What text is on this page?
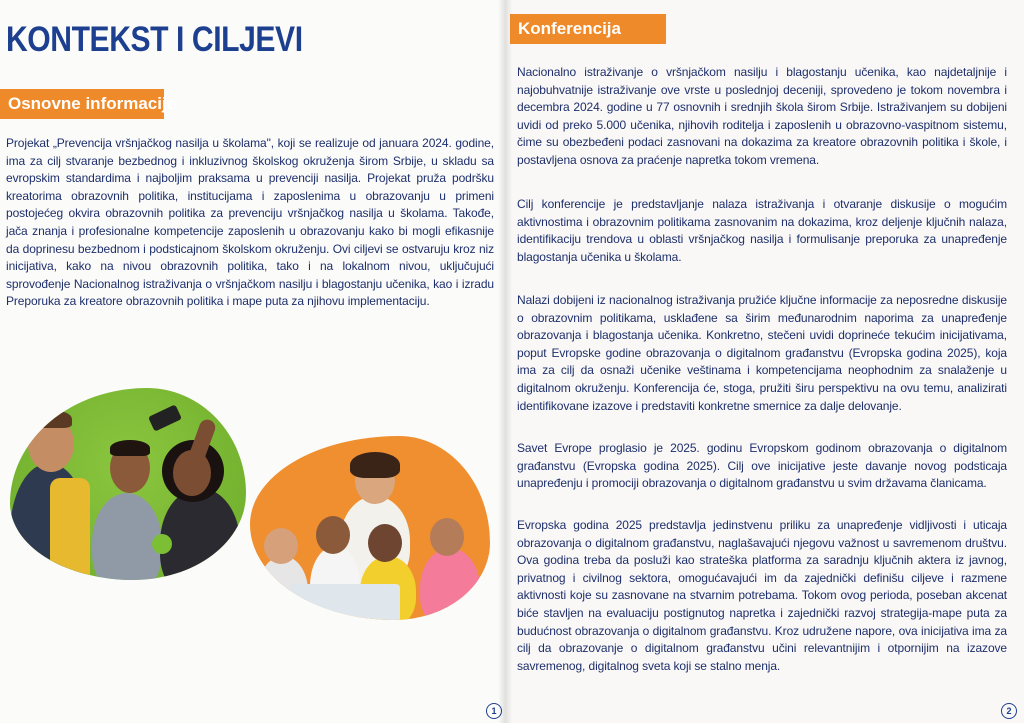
KONTEKST I CILJEVI
Osnovne informacije
Projekat „Prevencija vršnjačkog nasilja u školama", koji se realizuje od januara 2024. godine, ima za cilj stvaranje bezbednog i inkluzivnog školskog okruženja širom Srbije, u skladu sa evropskim standardima i najboljim praksama u prevenciji nasilja. Projekat pruža podršku kreatorima obrazovnih politika, institucijama i zaposlenima u obrazovanju u primeni postojećeg okvira obrazovnih politika za prevenciju vršnjačkog nasilja u školama. Takođe, jača znanja i profesionalne kompetencije zaposlenih u obrazovanju kako bi mogli efikasnije da doprinesu bezbednom i podsticajnom školskom okruženju. Ovi ciljevi se ostvaruju kroz niz inicijativa, kako na nivou obrazovnih politika, tako i na lokalnom nivou, uključujući sprovođenje Nacionalnog istraživanja o vršnjačkom nasilju i blagostanju učenika, kao i izradu Preporuka za kreatore obrazovnih politika i mape puta za njihovu implementaciju.
1
Konferencija
Nacionalno istraživanje o vršnjačkom nasilju i blagostanju učenika, kao najdetaljnije i najobuhvatnije istraživanje ove vrste u poslednjoj deceniji, sprovedeno je tokom novembra i decembra 2024. godine u 77 osnovnih i srednjih škola širom Srbije. Istraživanjem su dobijeni uvidi od preko 5.000 učenika, njihovih roditelja i zaposlenih u obrazovno-vaspitnom sistemu, čime su obezbeđeni podaci zasnovani na dokazima za kreatore obrazovnih politika i škole, i postavljena osnova za praćenje napretka tokom vremena.
Cilj konferencije je predstavljanje nalaza istraživanja i otvaranje diskusije o mogućim aktivnostima i obrazovnim politikama zasnovanim na dokazima, kroz deljenje ključnih nalaza, identifikaciju trendova u oblasti vršnjačkog nasilja i formulisanje preporuka za unapređenje blagostanja učenika u školama.
Nalazi dobijeni iz nacionalnog istraživanja pružiće ključne informacije za neposredne diskusije o obrazovnim politikama, usklađene sa širim međunarodnim naporima za unapređenje obrazovanja i blagostanja učenika. Konkretno, stečeni uvidi doprineće tekućim inicijativama, poput Evropske godine obrazovanja o digitalnom građanstvu (Evropska godina 2025), koja ima za cilj da osnaži učenike veštinama i kompetencijama neophodnim za snalaženje u digitalnom okruženju. Konferencija će, stoga, pružiti širu perspektivu na ovu temu, analizirati identifikovane izazove i predstaviti konkretne smernice za dalje delovanje.
Savet Evrope proglasio je 2025. godinu Evropskom godinom obrazovanja o digitalnom građanstvu (Evropska godina 2025). Cilj ove inicijative jeste davanje novog podsticaja unapređenju i promociji obrazovanja o digitalnom građanstvu u svim državama članicama.
Evropska godina 2025 predstavlja jedinstvenu priliku za unapređenje vidljivosti i uticaja obrazovanja o digitalnom građanstvu, naglašavajući njegovu važnost u savremenom društvu. Ova godina treba da posluži kao strateška platforma za saradnju ključnih aktera iz javnog, privatnog i civilnog sektora, omogućavajući im da zajednički definišu ciljeve i razmene aktivnosti koje su zasnovane na stvarnim potrebama. Tokom ovog perioda, poseban akcenat biće stavljen na evaluaciju postignutog napretka i zajednički razvoj strategija-mape puta za budućnost obrazovanja o digitalnom građanstvu. Kroz udružene napore, ova inicijativa ima za cilj da obrazovanje o digitalnom građanstvu učini relevantnijim i otpornijim na izazove savremenog, digitalnog sveta koji se stalno menja.
2
